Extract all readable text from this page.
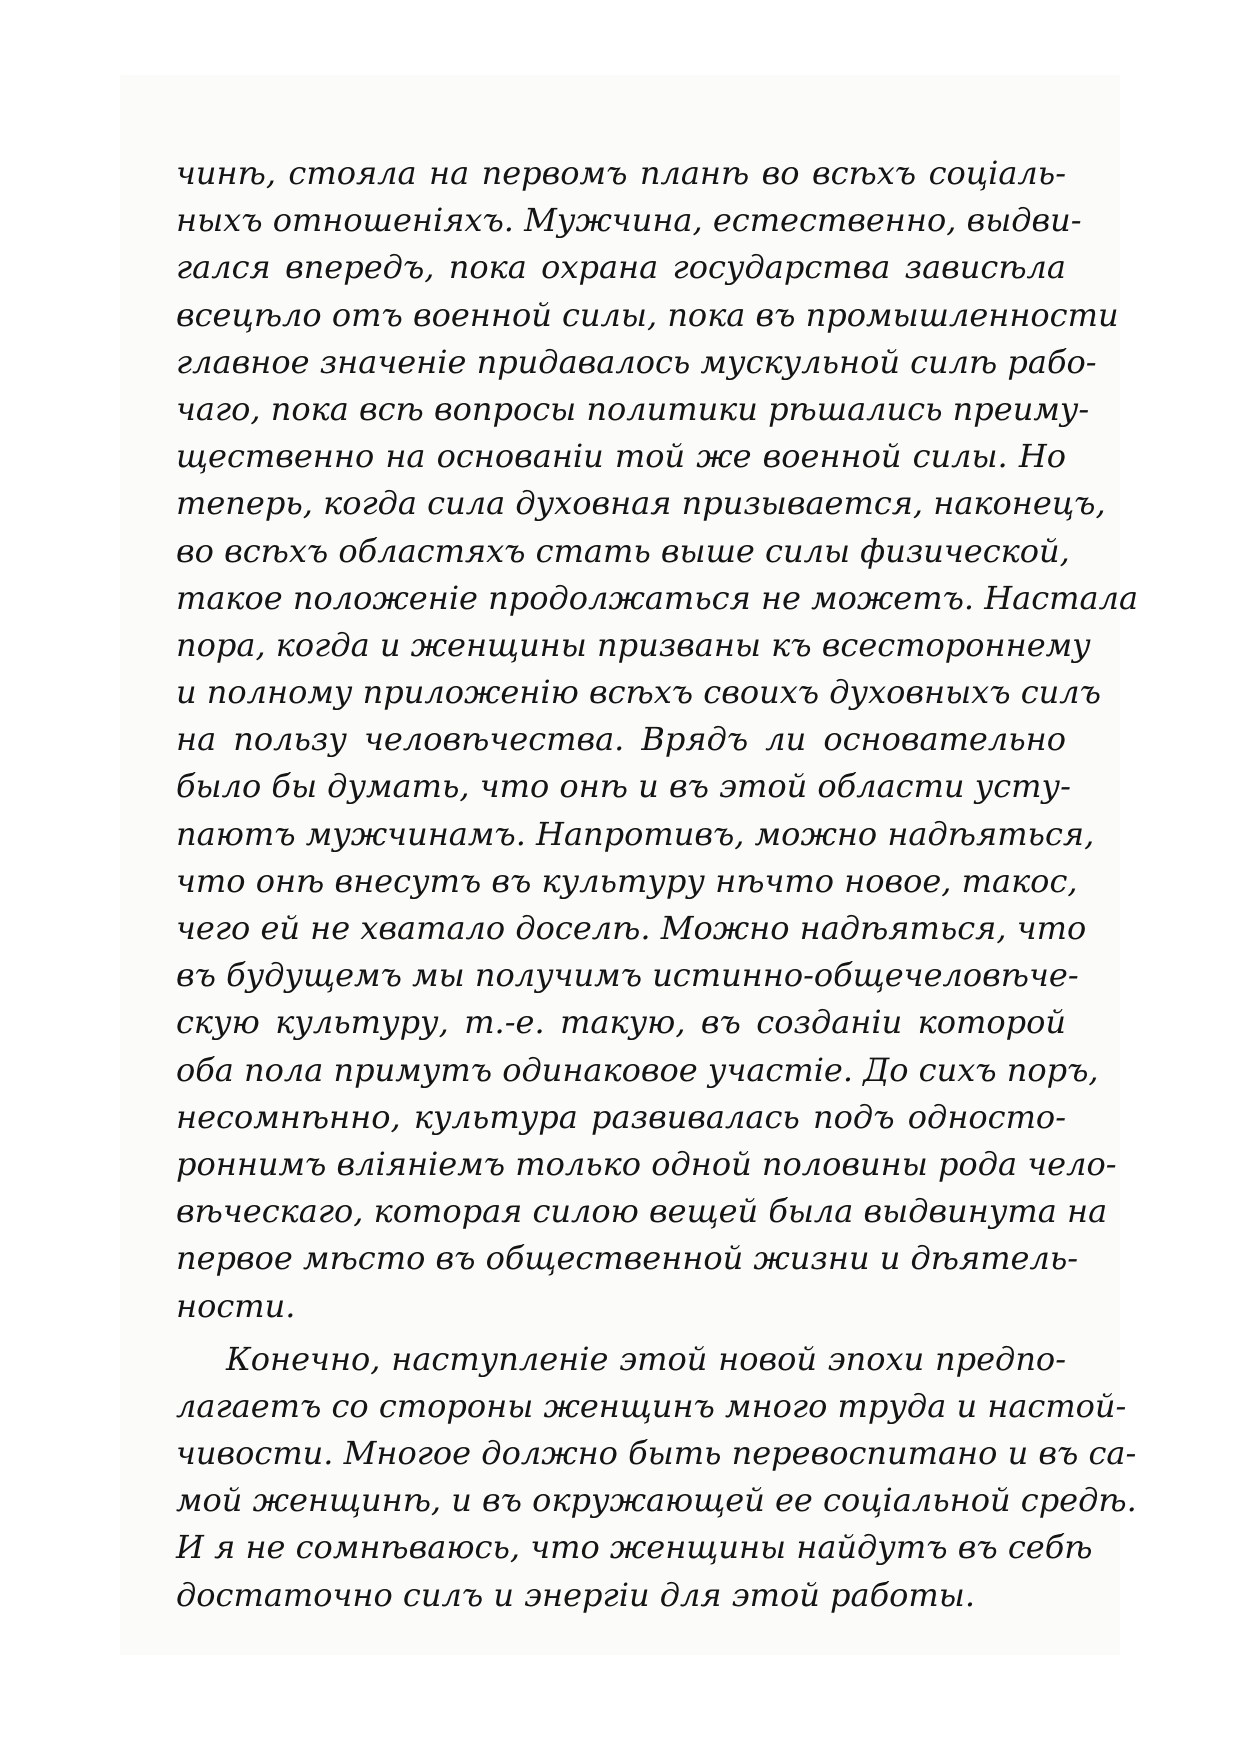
чинѣ, стояла на первомъ планѣ во всѣхъ соціаль-
ныхъ отношеніяхъ. Мужчина, естественно, выдви-
гался впередъ, пока охрана государства зависѣла
всецѣло отъ военной силы, пока въ промышленности
главное значеніе придавалось мускульной силѣ рабо-
чаго, пока всѣ вопросы политики рѣшались преиму-
щественно на основаніи той же военной силы. Но
теперь, когда сила духовная призывается, наконецъ,
во всѣхъ областяхъ стать выше силы физической,
такое положеніе продолжаться не можетъ. Настала
пора, когда и женщины призваны къ всестороннему
и полному приложенію всѣхъ своихъ духовныхъ силъ
на пользу человѣчества. Врядъ ли основательно
было бы думать, что онѣ и въ этой области усту-
паютъ мужчинамъ. Напротивъ, можно надѣяться,
что онѣ внесутъ въ культуру нѣчто новое, такос,
чего ей не хватало доселѣ. Можно надѣяться, что
въ будущемъ мы получимъ истинно-общечеловѣче-
скую культуру, т.-е. такую, въ созданіи которой
оба пола примутъ одинаковое участіе. До сихъ поръ,
несомнѣнно, культура развивалась подъ односто-
роннимъ вліяніемъ только одной половины рода чело-
вѣческаго, которая силою вещей была выдвинута на
первое мѣсто въ общественной жизни и дѣятель-
ности.
Конечно, наступленіе этой новой эпохи предпо-
лагаетъ со стороны женщинъ много труда и настой-
чивости. Многое должно быть перевоспитано и въ са-
мой женщинѣ, и въ окружающей ее соціальной средѣ.
И я не сомнѣваюсь, что женщины найдутъ въ себѣ
достаточно силъ и энергіи для этой работы.
